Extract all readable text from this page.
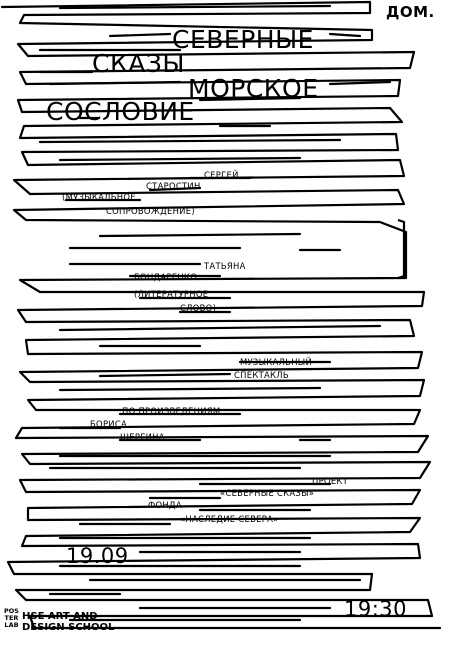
ДОМ.
СЕВЕРНЫЕ
СКАЗЫ
МОРСКОЕ
СОСЛОВИЕ
СЕРГЕЙ
СТАРОСТИН
(МУЗЫКАЛЬНОЕ
СОПРОВОЖДЕНИЕ)
ТАТЬЯНА
БОНДАРЕНКО
(ЛИТЕРАТУРНОЕ
СЛОВО)
МУЗЫКАЛЬНЫЙ
СПЕКТАКЛЬ
ПО ПРОИЗВЕДЕНИЯМ
БОРИСА
ШЕРГИНА
ПРОЕКТ
«СЕВЕРНЫЕ СКАЗЫ»
ФОНДА
«НАСЛЕДИЕ СЕВЕРА»
19.09
19:30
POS
TER
LAB
HSE ART AND
DESIGN SCHOOL
